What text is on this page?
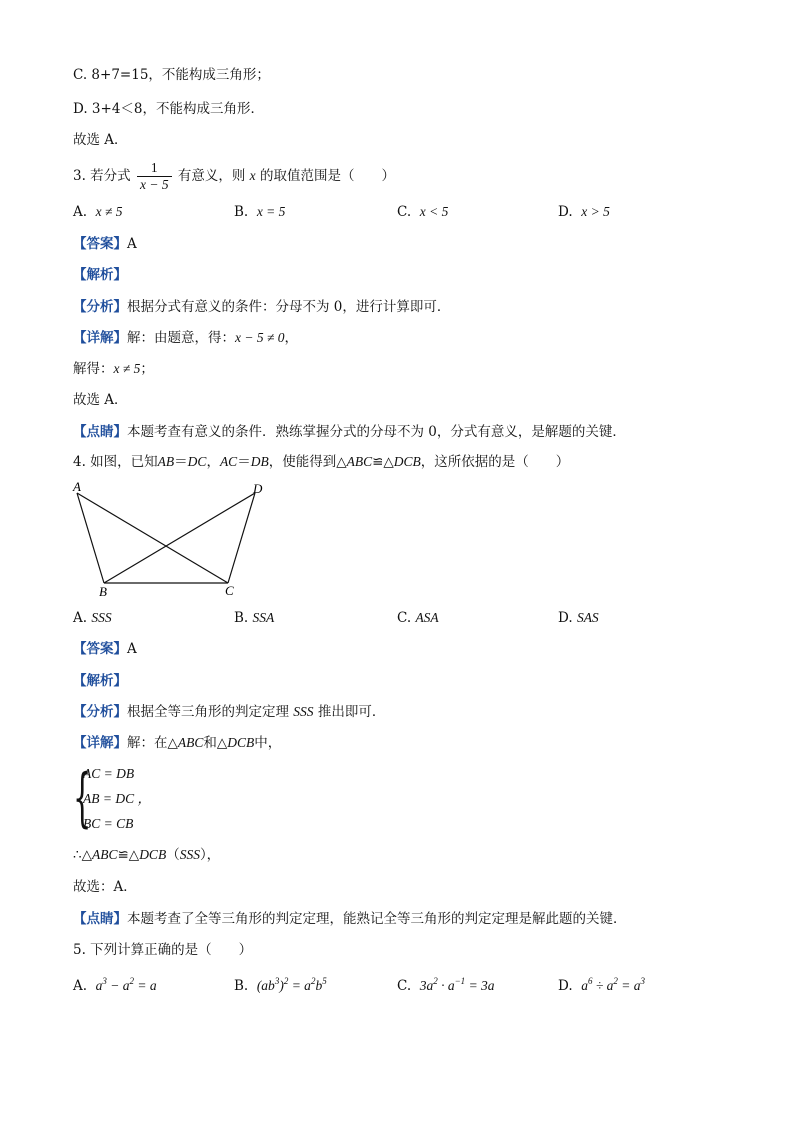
C. 8+7=15，不能构成三角形；
D. 3+4＜8，不能构成三角形．
故选 A．
3. 若分式 $\frac{1}{x - 5}$ 有意义，则 x 的取值范围是（　　）
A. x ≠ 5	B. x = 5	C. x < 5	D. x > 5
【答案】A
【解析】
【分析】根据分式有意义的条件：分母不为 0，进行计算即可．
【详解】解：由题意，得：x − 5 ≠ 0，
解得：x ≠ 5；
故选 A．
【点睛】本题考查有意义的条件．熟练掌握分式的分母不为 0，分式有意义，是解题的关键．
4. 如图，已知AB＝DC，AC＝DB，使能得到△ABC≌△DCB，这所依据的是（　　）
A
B	C
D
A. SSS	B. SSA	C. ASA	D. SAS
【答案】A
【解析】
【分析】根据全等三角形的判定定理 SSS 推出即可．
【详解】解：在△ABC和△DCB中，
{
AC = DB
AB = DC ，
BC = CB
∴△ABC≌△DCB（SSS），
故选：A．
【点睛】本题考查了全等三角形的判定定理，能熟记全等三角形的判定定理是解此题的关键．
5. 下列计算正确的是（　　）
A. $a^3 - a^2 = a$	B. $(ab^3)^2 = a^2b^5$	C. $3a^2 \cdot a^{-1} = 3a$	D. $a^6 \div a^2 = a^3$
